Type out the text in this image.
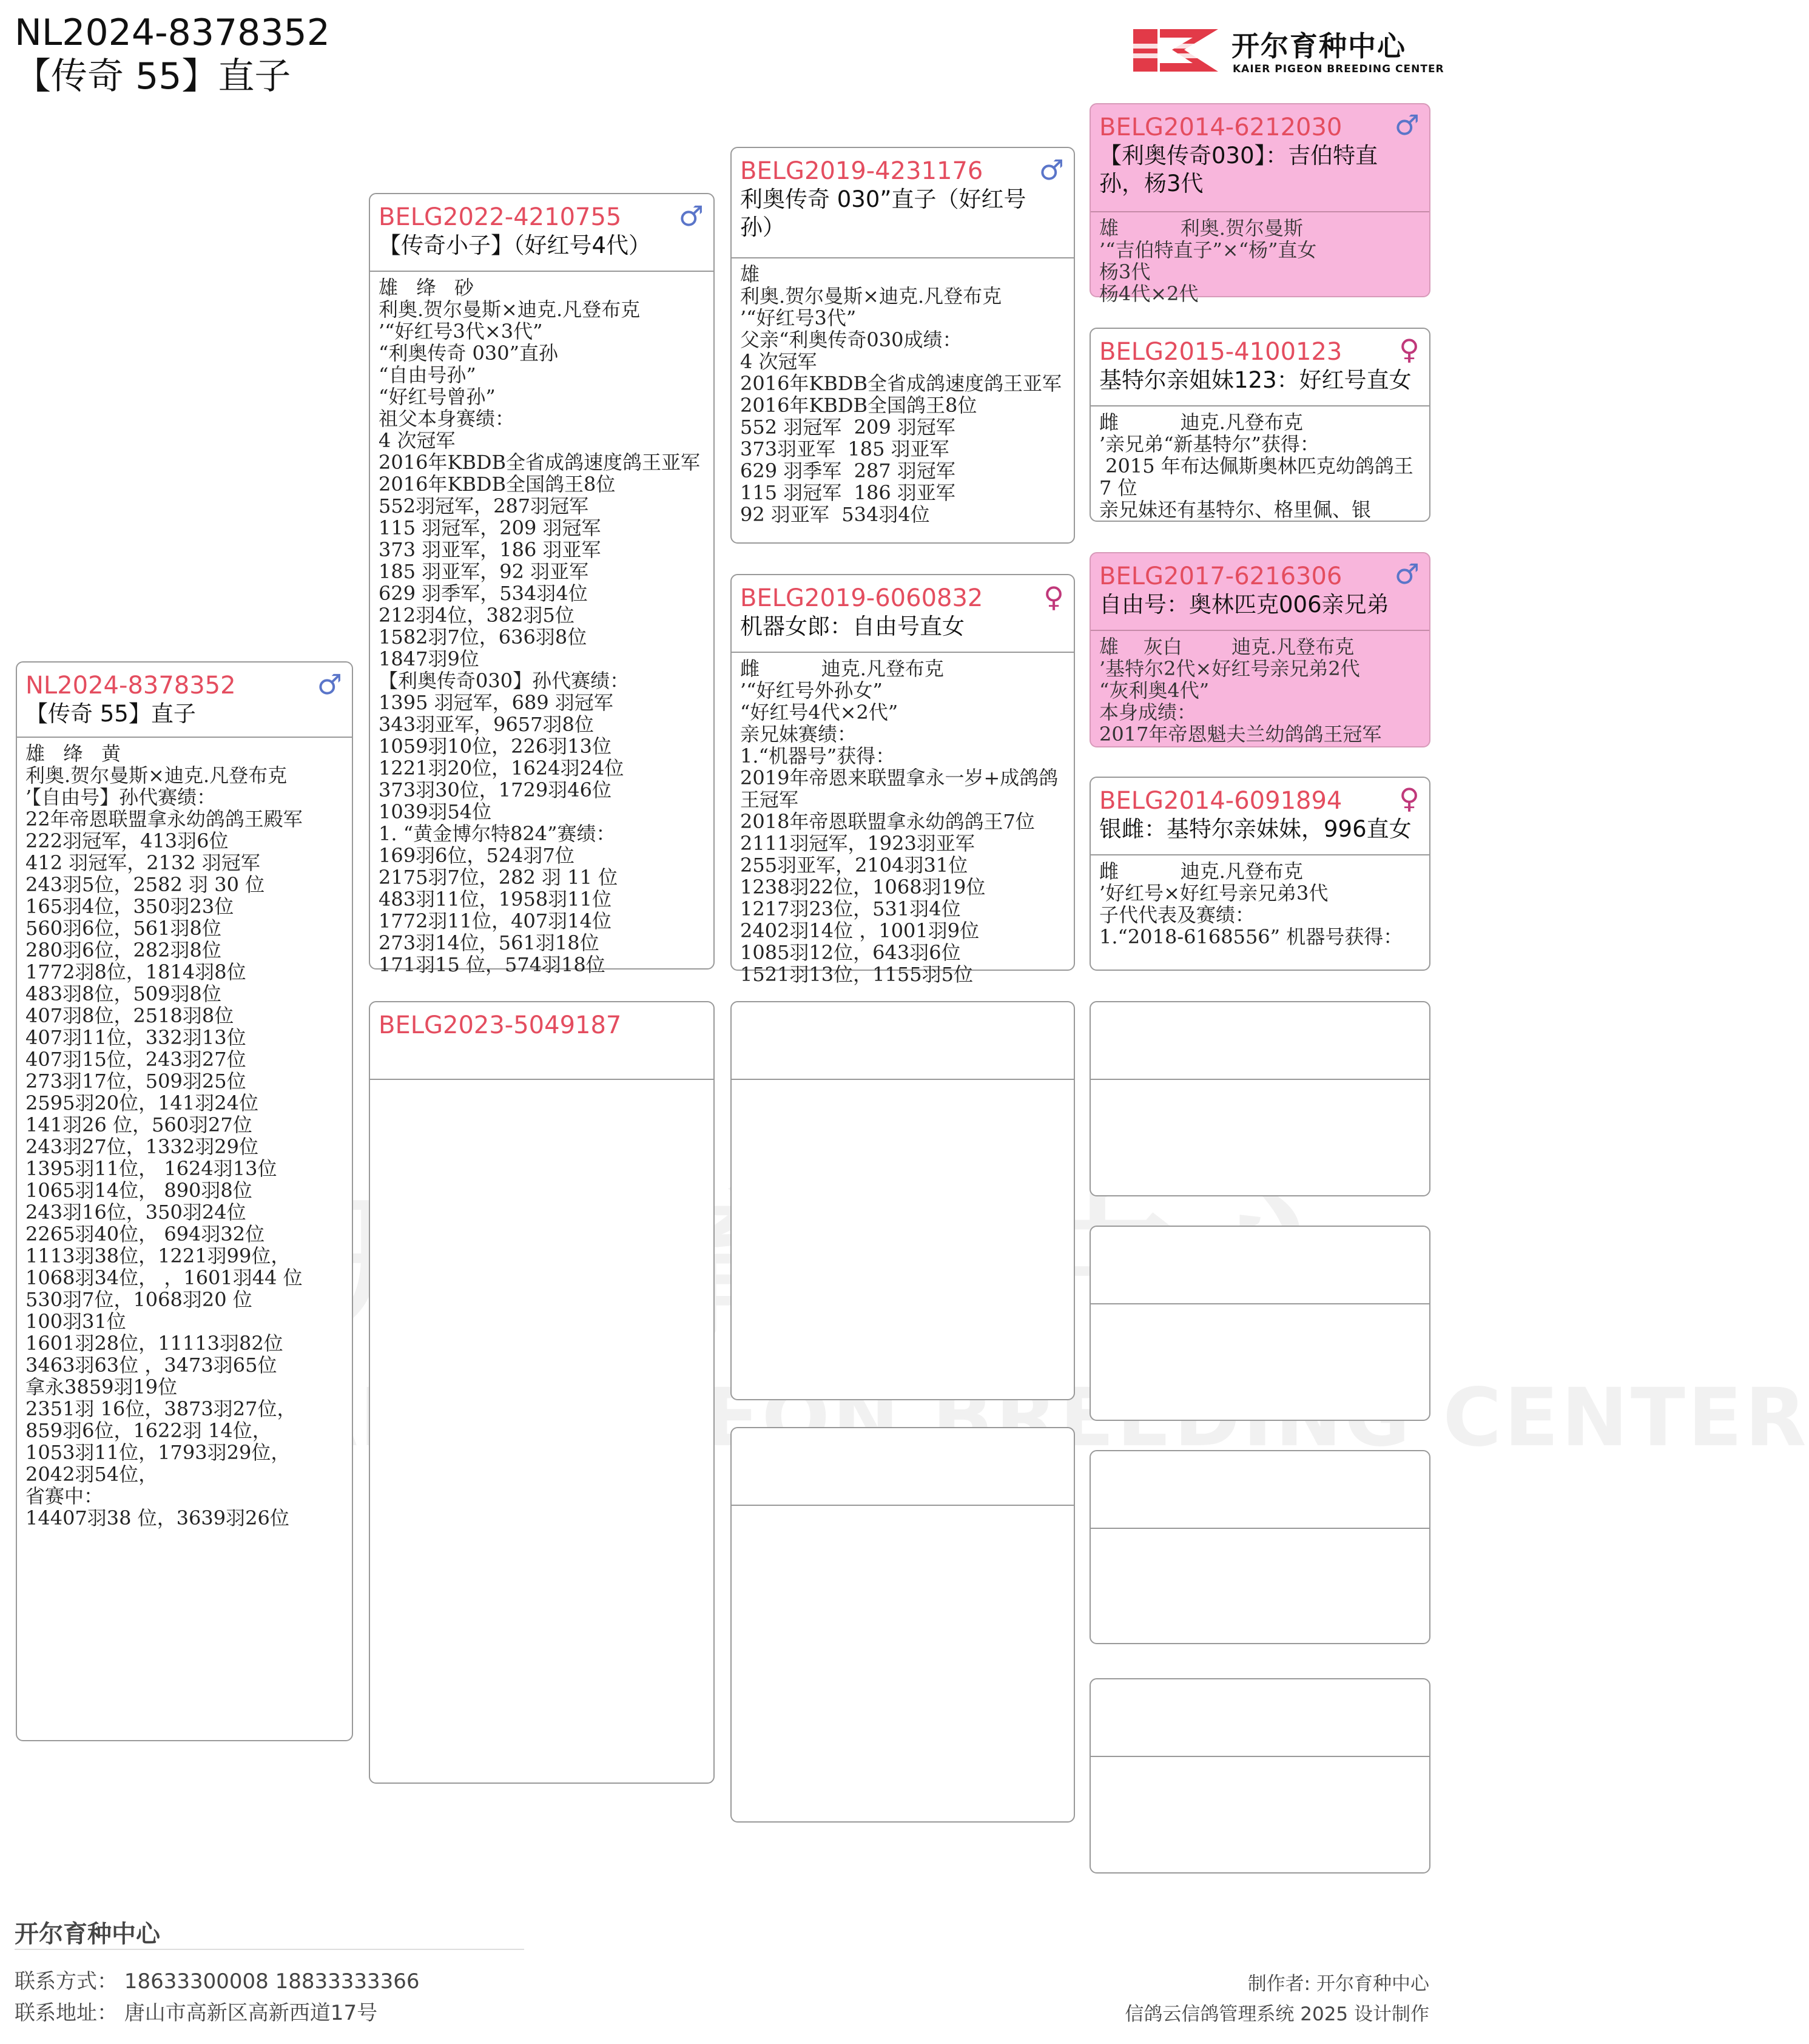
NL2024-8378352
【传奇 55】直子
开尔育种中心
KAIER PIGEON BREEDING CENTER
KAIER PIGEON BREEDING CENTER
NL2024-8378352
【传奇 55】直子
♂
雄   绛   黄
利奥.贺尔曼斯×迪克.凡登布克
’【自由号】孙代赛绩：
22年帝恩联盟拿永幼鸽鸽王殿军
222羽冠军，413羽6位
412 羽冠军，2132 羽冠军
243羽5位，2582 羽 30 位
165羽4位，350羽23位
560羽6位，561羽8位
280羽6位，282羽8位
1772羽8位，1814羽8位
483羽8位，509羽8位
407羽8位，2518羽8位
407羽11位，332羽13位
407羽15位，243羽27位
273羽17位，509羽25位
2595羽20位，141羽24位
141羽26 位，560羽27位
243羽27位，1332羽29位
1395羽11位， 1624羽13位
1065羽14位， 890羽8位
243羽16位，350羽24位
2265羽40位， 694羽32位
1113羽38位，1221羽99位，
1068羽34位， ，1601羽44 位
530羽7位，1068羽20 位
100羽31位
1601羽28位，11113羽82位
3463羽63位 ，3473羽65位
拿永3859羽19位
2351羽 16位，3873羽27位，
859羽6位，1622羽 14位，
1053羽11位，1793羽29位，
2042羽54位，
省赛中：
14407羽38 位，3639羽26位
BELG2022-4210755
【传奇小子】（好红号4代）
♂
雄   绛   砂
利奥.贺尔曼斯×迪克.凡登布克
’“好红号3代×3代”
“利奥传奇 030”直孙
“自由号孙”
“好红号曾孙”
祖父本身赛绩：
4 次冠军
2016年KBDB全省成鸽速度鸽王亚军
2016年KBDB全国鸽王8位
552羽冠军，287羽冠军
115 羽冠军，209 羽冠军
373 羽亚军，186 羽亚军
185 羽亚军，92 羽亚军
629 羽季军，534羽4位
212羽4位，382羽5位
1582羽7位，636羽8位
1847羽9位
【利奥传奇030】孙代赛绩：
1395 羽冠军，689 羽冠军
343羽亚军，9657羽8位
1059羽10位，226羽13位
1221羽20位，1624羽24位
373羽30位，1729羽46位
1039羽54位
1. “黄金博尔特824”赛绩：
169羽6位，524羽7位
2175羽7位，282 羽 11 位
483羽11位，1958羽11位
1772羽11位，407羽14位
273羽14位，561羽18位
171羽15 位，574羽18位
BELG2023-5049187
BELG2019-4231176
利奥传奇 030”直子（好红号孙）
♂
雄
利奥.贺尔曼斯×迪克.凡登布克
’“好红号3代”
父亲“利奥传奇030成绩：
4 次冠军
2016年KBDB全省成鸽速度鸽王亚军
2016年KBDB全国鸽王8位
552 羽冠军  209 羽冠军
373羽亚军  185 羽亚军
629 羽季军  287 羽冠军
115 羽冠军  186 羽亚军
92 羽亚军  534羽4位
BELG2019-6060832
机器女郎：自由号直女
♀
雌          迪克.凡登布克
’“好红号外孙女”
“好红号4代×2代”
亲兄妹赛绩：
1.“机器号”获得：
2019年帝恩来联盟拿永一岁+成鸽鸽王冠军
2018年帝恩联盟拿永幼鸽鸽王7位
2111羽冠军，1923羽亚军
255羽亚军，2104羽31位
1238羽22位，1068羽19位
1217羽23位，531羽4位
2402羽14位 ，1001羽9位
1085羽12位，643羽6位
1521羽13位，1155羽5位
BELG2014-6212030
【利奥传奇030】：吉伯特直孙，杨3代
♂
雄          利奥.贺尔曼斯
’“吉伯特直子”×“杨”直女
杨3代
杨4代×2代
BELG2015-4100123
基特尔亲姐妹123：好红号直女
♀
雌          迪克.凡登布克
’亲兄弟“新基特尔”获得：
2015 年布达佩斯奥林匹克幼鸽鸽王 7 位
亲兄妹还有基特尔、格里佩、银
BELG2017-6216306
自由号：奥林匹克006亲兄弟
♂
雄    灰白        迪克.凡登布克
’基特尔2代×好红号亲兄弟2代
“灰利奥4代”
本身成绩：
2017年帝恩魁夫兰幼鸽鸽王冠军
BELG2014-6091894
银雌：基特尔亲妹妹，996直女
♀
雌          迪克.凡登布克
’好红号×好红号亲兄弟3代
子代代表及赛绩：
1.“2018-6168556” 机器号获得：
开尔育种中心
联系方式： 18633300008 18833333366
联系地址： 唐山市高新区高新西道17号
制作者: 开尔育种中心
信鸽云信鸽管理系统 2025 设计制作
